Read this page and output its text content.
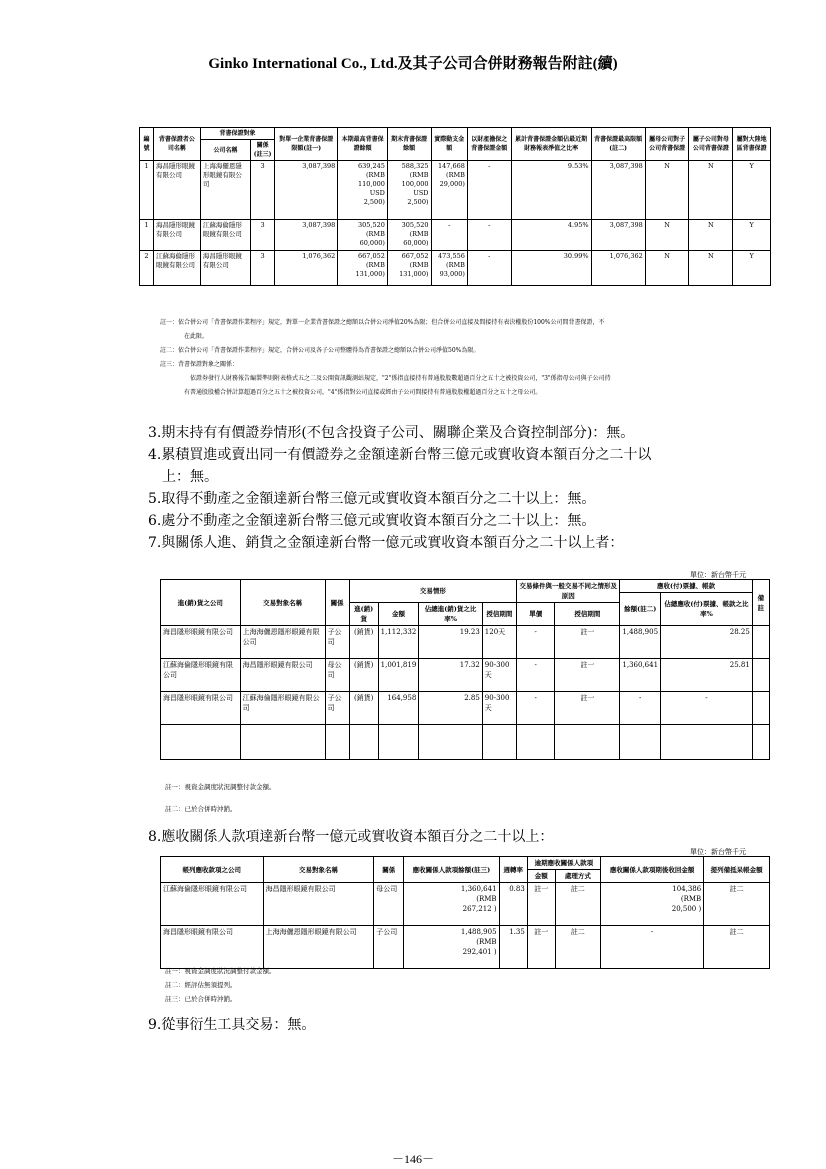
Ginko International Co., Ltd.及其子公司合併財務報告附註(續)
編號	背書保證者公司名稱	背書保證對象		對單一企業背書保證限額(註一)	本期最高背書保證餘額	期末背書保證餘額	實際動支金額	以財產擔保之背書保證金額	累計背書保證金額佔最近期財務報表淨值之比率	背書保證最高限額(註二)	屬母公司對子公司背書保證	屬子公司對母公司背書保證	屬對大陸地區背書保證
		公司名稱	關係(註三)										
1	海昌隱形眼鏡有限公司	上海海儷恩隱形眼鏡有限公司	3	3,087,398	639,245
(RMB
110,000
USD
2,500)	588,325
(RMB
100,000
USD
2,500)	147,668
(RMB
29,000)	-	9.53%	3,087,398	N	N	Y
1	海昌隱形眼鏡有限公司	江蘇海倫隱形眼鏡有限公司	3	3,087,398	305,520
(RMB
60,000)	305,520
(RMB
60,000)	-	-	4.95%	3,087,398	N	N	Y
2	江蘇海倫隱形眼鏡有限公司	海昌隱形眼鏡有限公司	3	1,076,362	667,052
(RMB
131,000)	667,052
(RMB
131,000)	473,556
(RMB
93,000)	-	30.99%	1,076,362	N	N	Y

註一：依合併公司「背書保證作業程序」規定，對單一企業背書保證之總額以合併公司淨值20%為限；但合併公司直接及間接持有表決權股份100%公司間背書保證，不

在此限。

註二：依合併公司「背書保證作業程序」規定，合併公司及各子公司整體得為背書保證之總額以合併公司淨值50%為限。

註三：背書保證對象之關係：

依證券發行人財務報告編製準則附表格式五之二及公開資訊觀測站規定，"2"係指直接持有普通股股數超過百分之五十之被投資公司，"3"係指母公司與子公司持

有普通股股權合併計算超過百分之五十之被投資公司，"4"係指對公司直接或經由子公司間接持有普通股股權超過百分之五十之母公司。

3.期末持有有價證券情形(不包含投資子公司、關聯企業及合資控制部分)：無。

4.累積買進或賣出同一有價證券之金額達新台幣三億元或實收資本額百分之二十以

上：無。

5.取得不動產之金額達新台幣三億元或實收資本額百分之二十以上：無。

6.處分不動產之金額達新台幣三億元或實收資本額百分之二十以上：無。

7.與關係人進、銷貨之金額達新台幣一億元或實收資本額百分之二十以上者：

單位：新台幣千元
進(銷)貨之公司	交易對象名稱	關係	交易情形				交易條件與一般交易不同之情形及原因		應收(付)票據、帳款		備註
									餘額(註二)	佔總應收(付)票據、帳款之比率%	
			進(銷)貨	金額	佔總進(銷)貨之比率%	授信期間	單價	授信期間			
海昌隱形眼鏡有限公司	上海海儷恩隱形眼鏡有限公司	子公司	(銷貨)	1,112,332	19.23	120天	-	註一	1,488,905	28.25	
江蘇海倫隱形眼鏡有限公司	海昌隱形眼鏡有限公司	母公司	(銷貨)	1,001,819	17.32	90-300天	-	註一	1,360,641	25.81	
海昌隱形眼鏡有限公司	江蘇海倫隱形眼鏡有限公司	子公司	(銷貨)	164,958	2.85	90-300天	-	註一	-	-	

註一：視資金調度狀況調整付款金額。
註二：已於合併時沖銷。

8.應收關係人款項達新台幣一億元或實收資本額百分之二十以上：

單位：新台幣千元
帳列應收款項之公司	交易對象名稱	關係	應收關係人款項餘額(註三)	週轉率	逾期應收關係人款項		應收關係人款項期後收回金額	提列備抵呆帳金額
					金額	處理方式		
江蘇海倫隱形眼鏡有限公司	海昌隱形眼鏡有限公司	母公司	1,360,641
(RMB
267,212 )	0.83	註一	註二	104,386
(RMB
20,500 )	註二
海昌隱形眼鏡有限公司	上海海儷恩隱形眼鏡有限公司	子公司	1,488,905
(RMB
292,401 )	1.35	註一	註二	-	註二
註一：視資金調度狀況調整付款金額。
註二：經評估無須提列。
註三：已於合併時沖銷。

9.從事衍生工具交易：無。

－146－
